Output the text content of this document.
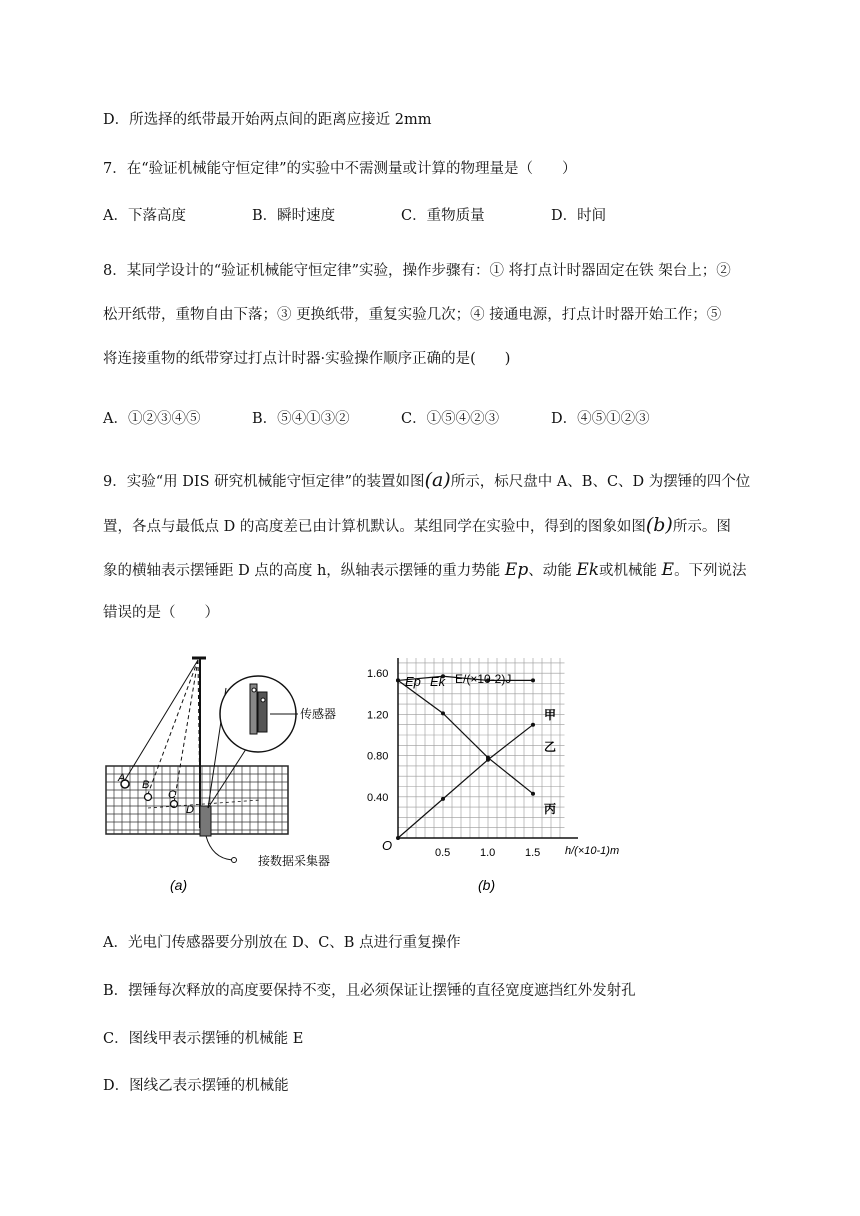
D．所选择的纸带最开始两点间的距离应接近 2mm
7．在“验证机械能守恒定律”的实验中不需测量或计算的物理量是（　　）
A．下落高度	B．瞬时速度	C．重物质量	D．时间
8．某同学设计的“验证机械能守恒定律”实验，操作步骤有：① 将打点计时器固定在铁 架台上；②
松开纸带，重物自由下落；③ 更换纸带，重复实验几次；④ 接通电源，打点计时器开始工作；⑤
将连接重物的纸带穿过打点计时器·实验操作顺序正确的是(　　)
A．①②③④⑤	B．⑤④①③②	C．①⑤④②③	D．④⑤①②③
9．实验“用 DIS 研究机械能守恒定律”的装置如图(a)所示，标尺盘中 A、B、C、D 为摆锤的四个位
置，各点与最低点 D 的高度差已由计算机默认。某组同学在实验中，得到的图象如图(b)所示。图
象的横轴表示摆锤距 D 点的高度 h，纵轴表示摆锤的重力势能 Ep、动能 Ek或机械能 E。下列说法
错误的是（　　）
A
B
C
D
传感器
接数据采集器
(a)
0.40
0.80
1.20
1.60
0.5	1.0	1.5
Ep Ek E/(×10-2)J
h/(×10-1)m
O
甲
乙
丙
(b)
A．光电门传感器要分别放在 D、C、B 点进行重复操作
B．摆锤每次释放的高度要保持不变，且必须保证让摆锤的直径宽度遮挡红外发射孔
C．图线甲表示摆锤的机械能 E
D．图线乙表示摆锤的机械能
